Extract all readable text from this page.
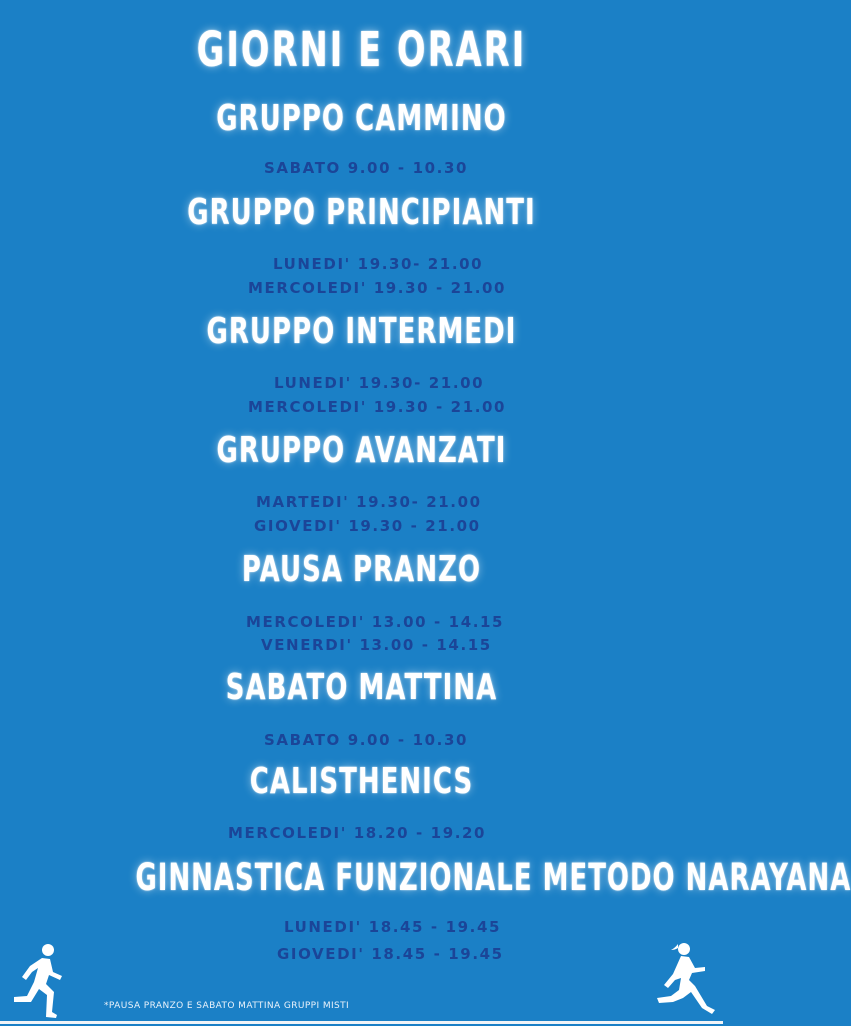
GIORNI E ORARI
GRUPPO CAMMINO
SABATO 9.00 - 10.30
GRUPPO PRINCIPIANTI
LUNEDI' 19.30- 21.00
MERCOLEDI' 19.30 - 21.00
GRUPPO INTERMEDI
LUNEDI' 19.30- 21.00
MERCOLEDI' 19.30 - 21.00
GRUPPO AVANZATI
MARTEDI' 19.30- 21.00
GIOVEDI' 19.30 - 21.00
PAUSA PRANZO
MERCOLEDI' 13.00 - 14.15
VENERDI' 13.00 - 14.15
SABATO MATTINA
SABATO 9.00 - 10.30
CALISTHENICS
MERCOLEDI' 18.20 - 19.20
GINNASTICA FUNZIONALE METODO NARAYANA
LUNEDI' 18.45 - 19.45
GIOVEDI' 18.45 - 19.45
*PAUSA PRANZO E SABATO MATTINA GRUPPI MISTI
